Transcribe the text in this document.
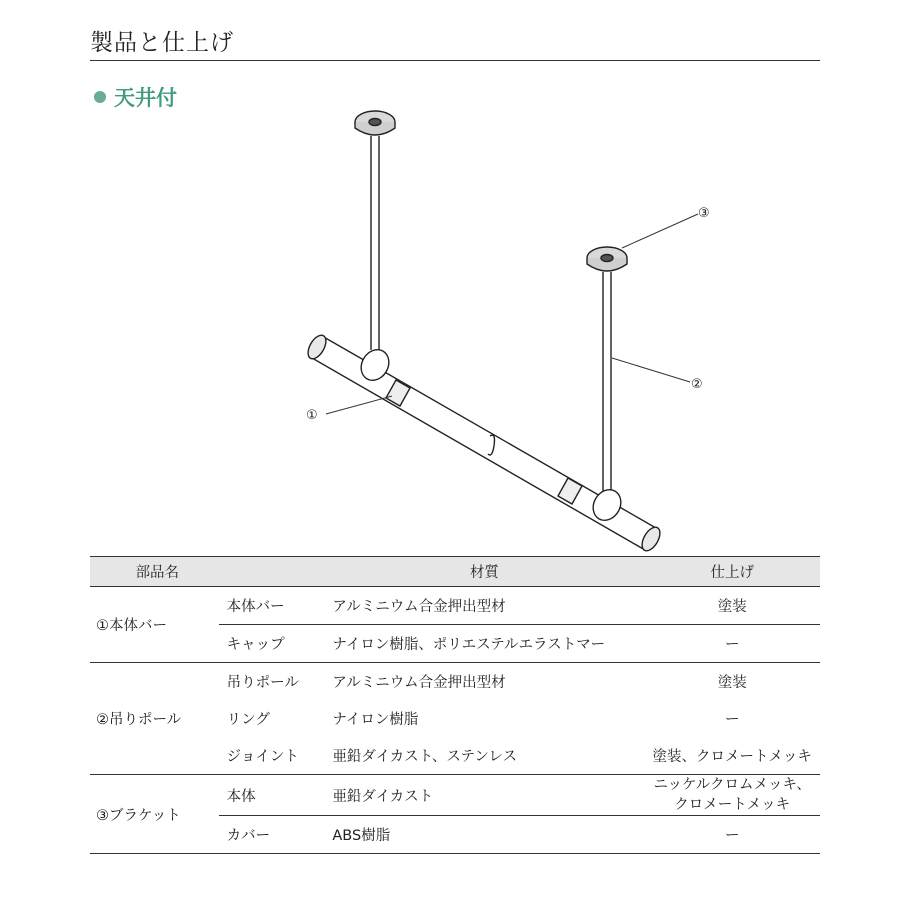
製品と仕上げ
天井付
①
②
③
部品名		材質	仕上げ
①本体バー	本体バー	アルミニウム合金押出型材	塗装
	キャップ	ナイロン樹脂、ポリエステルエラストマー	ー
②吊りポール	吊りポール	アルミニウム合金押出型材	塗装
	リング	ナイロン樹脂	ー
	ジョイント	亜鉛ダイカスト、ステンレス	塗装、クロメートメッキ
③ブラケット	本体	亜鉛ダイカスト	ニッケルクロムメッキ、
クロメートメッキ

	カバー	ABS樹脂	ー
